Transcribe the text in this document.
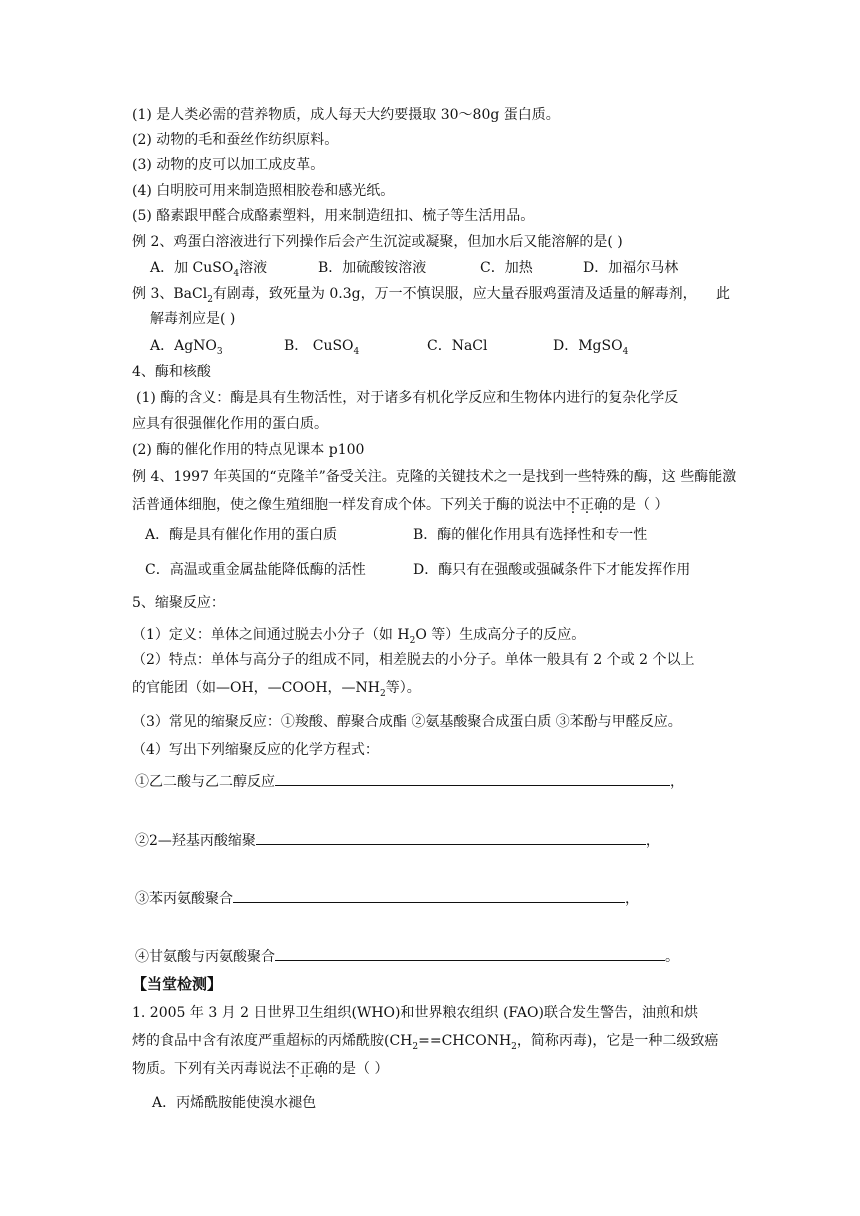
(1) 是人类必需的营养物质，成人每天大约要摄取 30～80g 蛋白质。
(2) 动物的毛和蚕丝作纺织原料。
(3) 动物的皮可以加工成皮革。
(4) 白明胶可用来制造照相胶卷和感光纸。
(5) 酪素跟甲醛合成酪素塑料，用来制造纽扣、梳子等生活用品。
例 2、鸡蛋白溶液进行下列操作后会产生沉淀或凝聚，但加水后又能溶解的是( )
A．加 CuSO$_4$溶液	B．加硫酸铵溶液	C．加热	D．加福尔马林
例 3、BaCl$_2$有剧毒，致死量为 0.3g，万一不慎误服，应大量吞服鸡蛋清及适量的解毒剂， 此
解毒剂应是( )
A．AgNO$_3$	B． CuSO$_4$	C．NaCl	D．MgSO$_4$
4、酶和核酸
(1) 酶的含义：酶是具有生物活性，对于诸多有机化学反应和生物体内进行的复杂化学反
应具有很强催化作用的蛋白质。
(2) 酶的催化作用的特点见课本 p100
例 4、1997 年英国的“克隆羊”备受关注。克隆的关键技术之一是找到一些特殊的酶，这 些酶能激
活普通体细胞，使之像生殖细胞一样发育成个体。下列关于酶的说法中不正确的是（ ）
A．酶是具有催化作用的蛋白质	B．酶的催化作用具有选择性和专一性
C．高温或重金属盐能降低酶的活性	D．酶只有在强酸或强碱条件下才能发挥作用
5、缩聚反应：
（1）定义：单体之间通过脱去小分子（如 $H_2O$ 等）生成高分子的反应。
（2）特点：单体与高分子的组成不同，相差脱去的小分子。单体一般具有 2 个或 2 个以上
的官能团（如—OH，—COOH，$—NH_2$等）。
（3）常见的缩聚反应：①羧酸、醇聚合成酯 ②氨基酸聚合成蛋白质 ③苯酚与甲醛反应。
（4）写出下列缩聚反应的化学方程式：
①乙二酸与乙二醇反应	，
②2—羟基丙酸缩聚	，
③苯丙氨酸聚合	，
④甘氨酸与丙氨酸聚合	。
【当堂检测】
1. 2005 年 3 月 2 日世界卫生组织(WHO)和世界粮农组织 (FAO)联合发生警告，油煎和烘
烤的食品中含有浓度严重超标的丙烯酰胺($CH_2==CHCONH_2$，简称丙毒)，它是一种二级致癌
物质。下列有关丙毒说法不正确的是（ ）
A．丙烯酰胺能使溴水褪色
